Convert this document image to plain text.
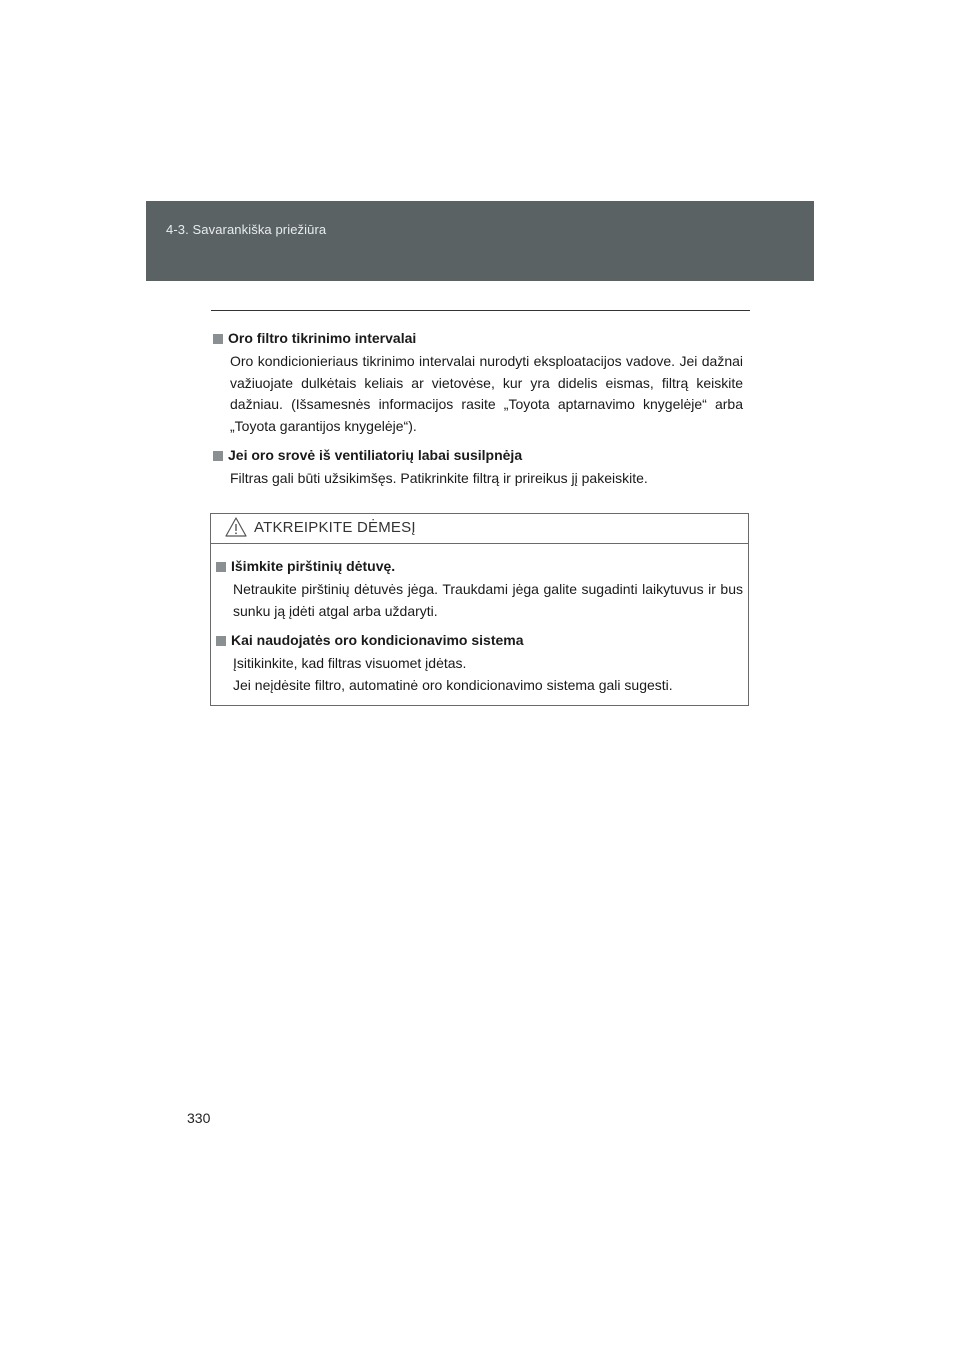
4-3. Savarankiška priežiūra
Oro filtro tikrinimo intervalai

Oro kondicionieriaus tikrinimo intervalai nurodyti eksploatacijos vadove. Jei dažnai važiuojate dulkėtais keliais ar vietovėse, kur yra didelis eismas, filtrą keiskite dažniau. (Išsamesnės informacijos rasite „Toyota aptarnavimo knygelėje“ arba „Toyota garantijos knygelėje“).

Jei oro srovė iš ventiliatorių labai susilpnėja

Filtras gali būti užsikimšęs. Patikrinkite filtrą ir prireikus jį pakeiskite.

ATKREIPKITE DĖMESĮ
Išimkite pirštinių dėtuvę.

Netraukite pirštinių dėtuvės jėga. Traukdami jėga galite sugadinti laikytuvus ir bus sunku ją įdėti atgal arba uždaryti.

Kai naudojatės oro kondicionavimo sistema

Įsitikinkite, kad filtras visuomet įdėtas.
Jei neįdėsite filtro, automatinė oro kondicionavimo sistema gali sugesti.

330
